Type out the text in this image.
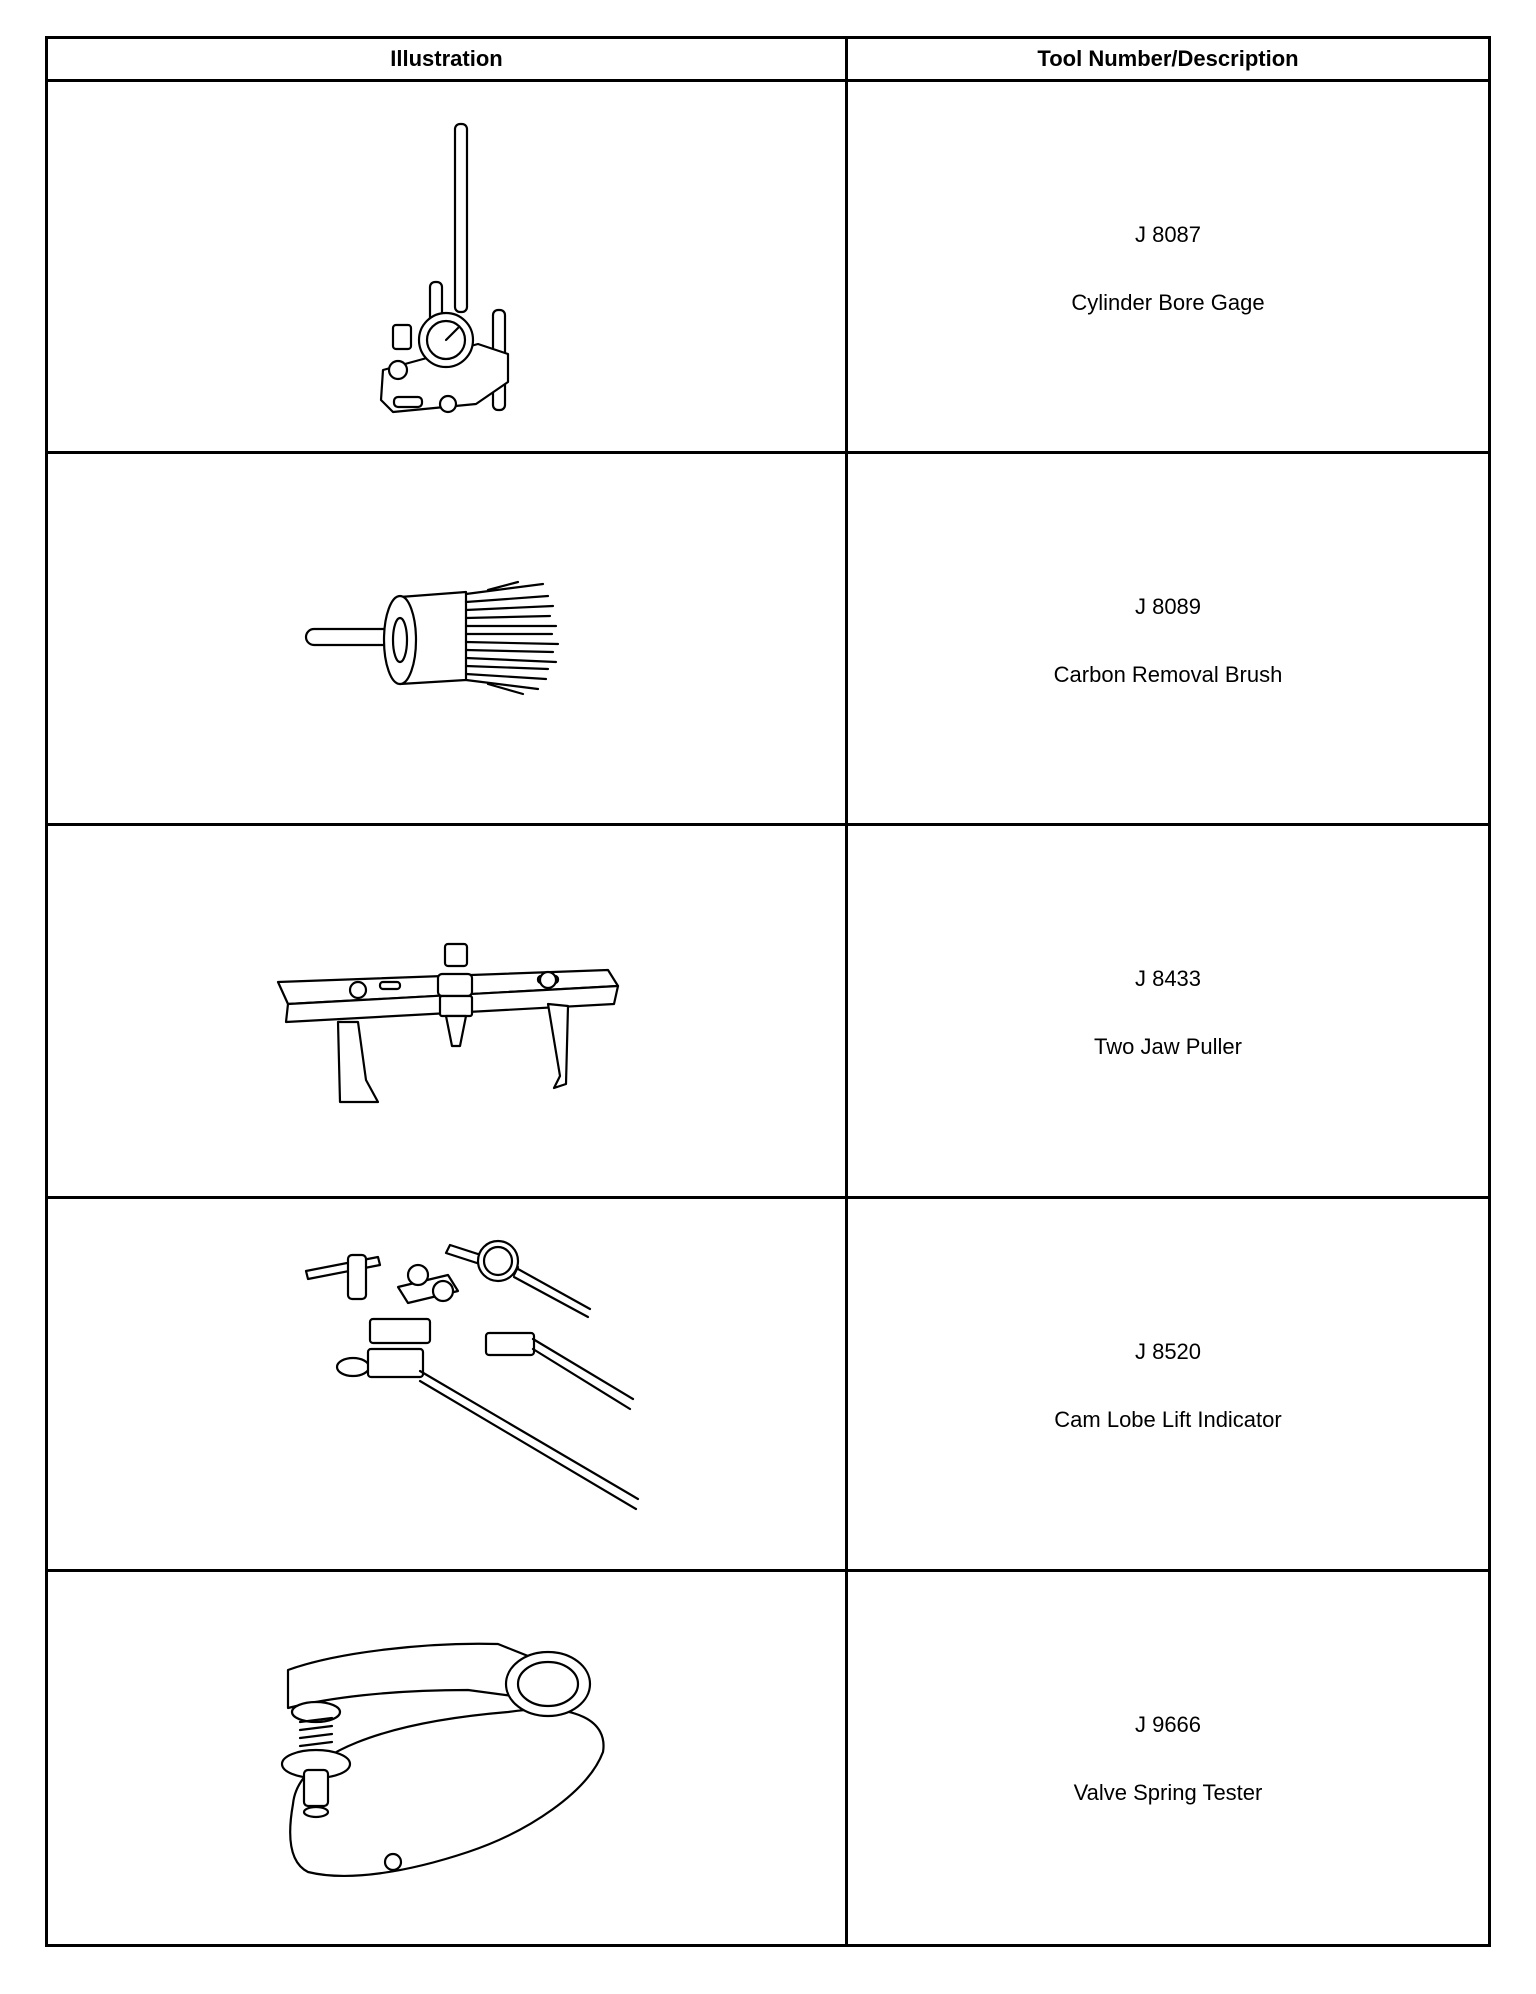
Illustration	Tool Number/Description
J 8087
Cylinder Bore Gage
J 8089
Carbon Removal Brush
J 8433
Two Jaw Puller
J 8520
Cam Lobe Lift Indicator
J 9666
Valve Spring Tester
